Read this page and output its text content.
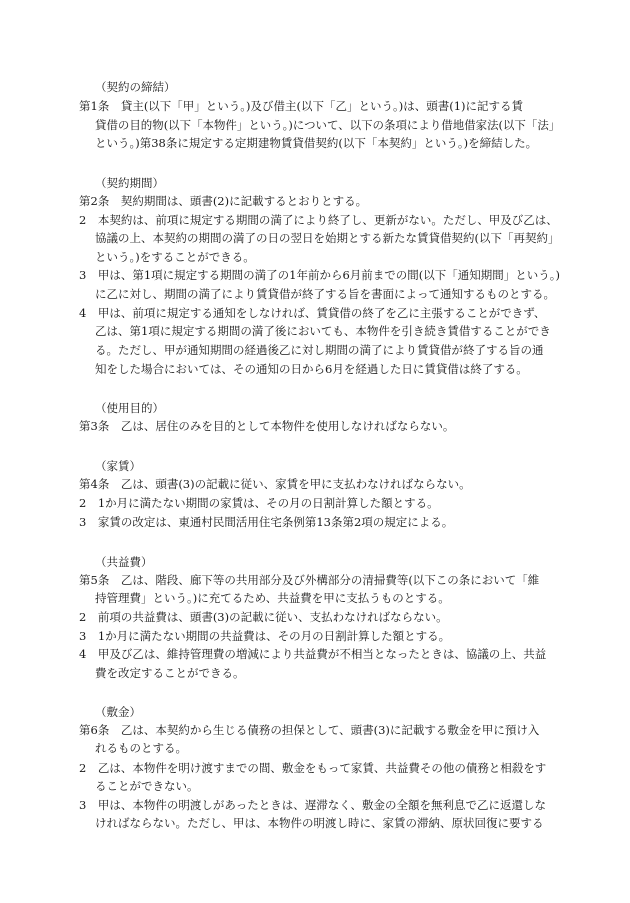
（契約の締結）
第1条　貸主(以下「甲」という。)及び借主(以下「乙」という。)は、頭書(1)に記する賃
貸借の目的物(以下「本物件」という。)について、以下の条項により借地借家法(以下「法」
という。)第38条に規定する定期建物賃貸借契約(以下「本契約」という。)を締結した。
（契約期間）
第2条　契約期間は、頭書(2)に記載するとおりとする。
2　本契約は、前項に規定する期間の満了により終了し、更新がない。ただし、甲及び乙は、
協議の上、本契約の期間の満了の日の翌日を始期とする新たな賃貸借契約(以下「再契約」
という。)をすることができる。
3　甲は、第1項に規定する期間の満了の1年前から6月前までの間(以下「通知期間」という。)
に乙に対し、期間の満了により賃貸借が終了する旨を書面によって通知するものとする。
4　甲は、前項に規定する通知をしなければ、賃貸借の終了を乙に主張することができず、
乙は、第1項に規定する期間の満了後においても、本物件を引き続き賃借することができ
る。ただし、甲が通知期間の経過後乙に対し期間の満了により賃貸借が終了する旨の通
知をした場合においては、その通知の日から6月を経過した日に賃貸借は終了する。
（使用目的）
第3条　乙は、居住のみを目的として本物件を使用しなければならない。
（家賃）
第4条　乙は、頭書(3)の記載に従い、家賃を甲に支払わなければならない。
2　1か月に満たない期間の家賃は、その月の日割計算した額とする。
3　家賃の改定は、東通村民間活用住宅条例第13条第2項の規定による。
（共益費）
第5条　乙は、階段、廊下等の共用部分及び外構部分の清掃費等(以下この条において「維
持管理費」という。)に充てるため、共益費を甲に支払うものとする。
2　前項の共益費は、頭書(3)の記載に従い、支払わなければならない。
3　1か月に満たない期間の共益費は、その月の日割計算した額とする。
4　甲及び乙は、維持管理費の増減により共益費が不相当となったときは、協議の上、共益
費を改定することができる。
（敷金）
第6条　乙は、本契約から生じる債務の担保として、頭書(3)に記載する敷金を甲に預け入
れるものとする。
2　乙は、本物件を明け渡すまでの間、敷金をもって家賃、共益費その他の債務と相殺をす
ることができない。
3　甲は、本物件の明渡しがあったときは、遅滞なく、敷金の全額を無利息で乙に返還しな
ければならない。ただし、甲は、本物件の明渡し時に、家賃の滞納、原状回復に要する
